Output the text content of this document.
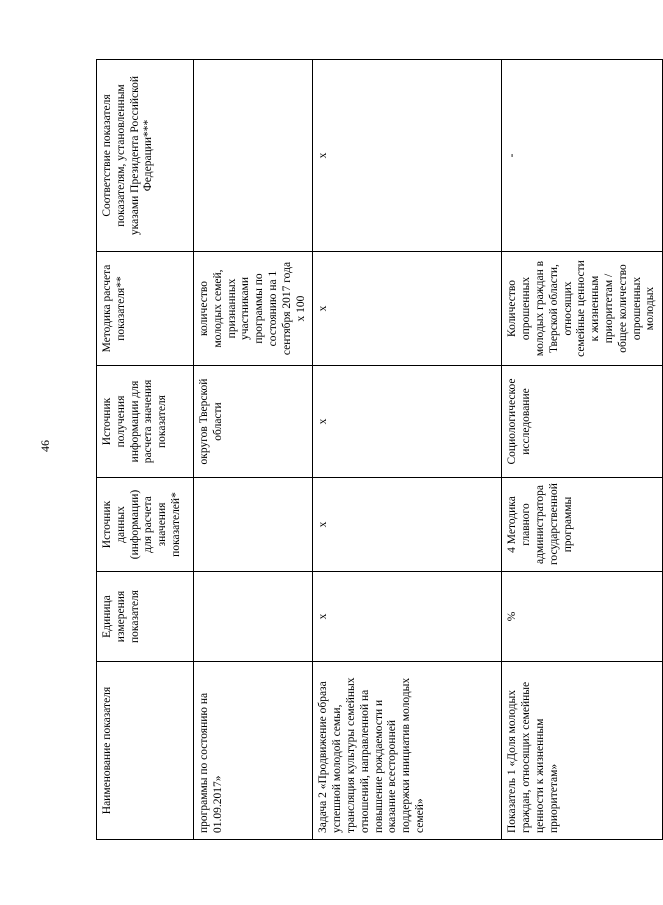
46
Наименование показателя	Единица измерения показателя	Источник данных (информации) для расчета значения показателей*	Источник получения информации для расчета значения показателя	Методика расчета показателя**	Соответствие показателя показателям, установленным указами Президента Российской Федерации***
программы по состоянию на 01.09.2017»			округов Тверской области	количество молодых семей, признанных участниками программы по состоянию на 1 сентября 2017 года х 100	
Задача 2 «Продвижение образа успешной молодой семьи, трансляция культуры семейных отношений, направленной на повышение рождаемости и оказание всесторонней поддержки инициатив молодых семей»	х	х	х	х	х
Показатель 1 «Доля молодых граждан, относящих семейные ценности к жизненным приоритетам»	%	4 Методика главного администратора государственной программы	Социологическое исследование	Количество опрошенных молодых граждан в Тверской области, относящих семейные ценности к жизненным приоритетам / общее количество опрошенных молодых	-
